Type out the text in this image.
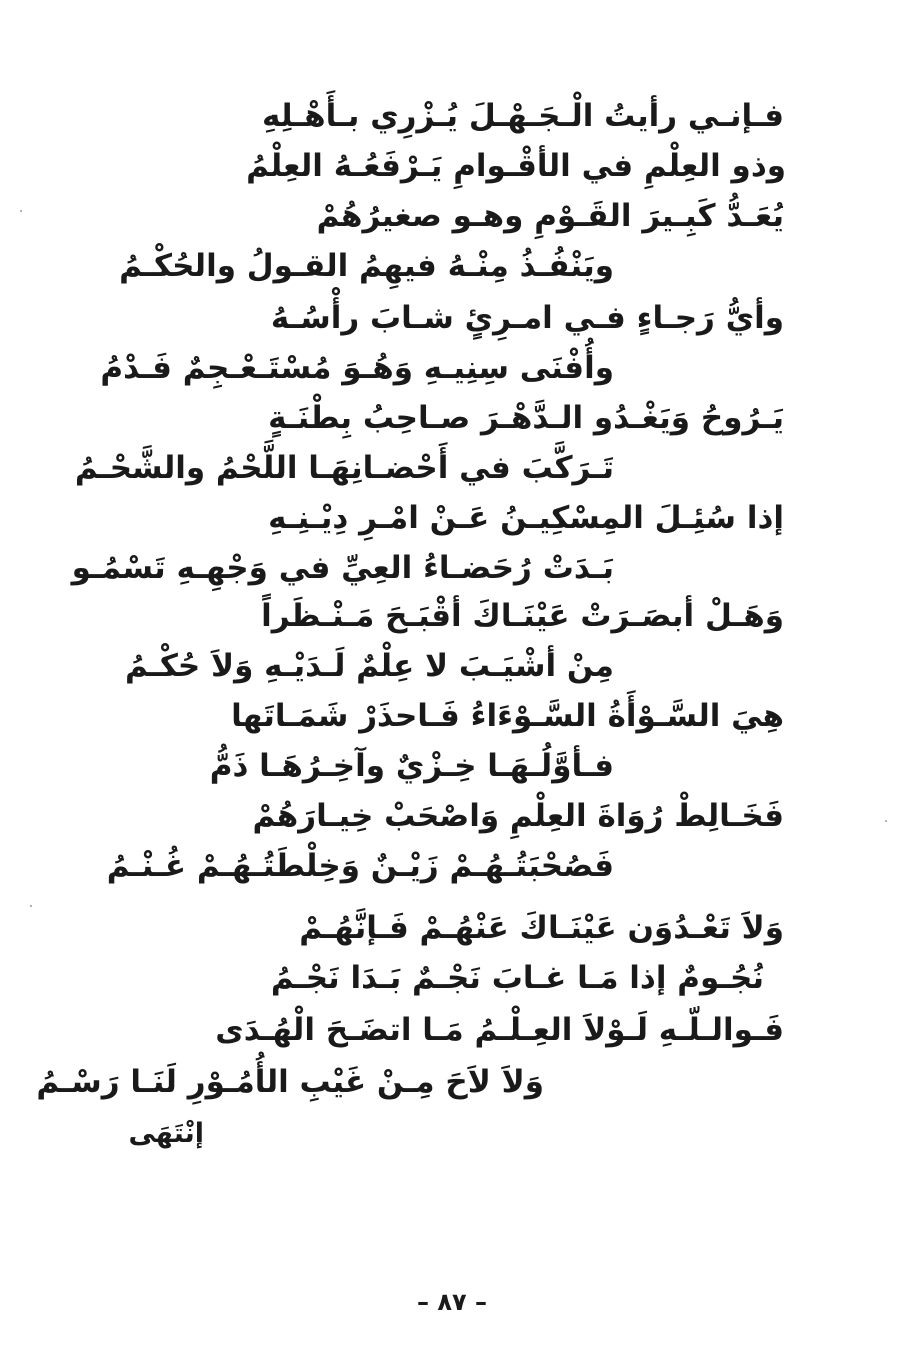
فـإنـي رأيتُ الْـجَـهْـلَ يُـزْرِي بـأَهْـلِهِ
وذو العِلْمِ في الأقْـوامِ يَـرْفَعُـهُ العِلْمُ
يُعَـدُّ كَبِـيرَ القَـوْمِ وهـو صغيرُهُمْ
ويَنْفُـذُ مِنْـهُ فيهِمُ القـولُ والحُكْـمُ
وأيُّ رَجـاءٍ فـي امـرِئٍ شـابَ رأْسُـهُ
وأُفْنَى سِنِيـهِ وَهُـوَ مُسْتَـعْـجِمٌ فَـدْمُ
يَـرُوحُ وَيَغْـدُو الـدَّهْـرَ صـاحِبُ بِطْنَـةٍ
تَـرَكَّبَ في أَحْضـانِهَـا اللَّحْمُ والشَّحْـمُ
إذا سُئِـلَ المِسْكِيـنُ عَـنْ امْـرِ دِيْـنِـهِ
بَـدَتْ رُحَضـاءُ العِيِّ في وَجْهِـهِ تَسْمُـو
وَهَـلْ أبصَـرَتْ عَيْنَـاكَ أقْبَـحَ مَـنْـظَراً
مِنْ أشْيَـبَ لا عِلْمٌ لَـدَيْـهِ وَلاَ حُكْـمُ
هِيَ السَّـوْأَةُ السَّـوْءَاءُ فَـاحذَرْ شَمَـاتَها
فـأوَّلُـهَـا خِـزْيٌ وآخِـرُهَـا ذَمُّ
فَخَـالِطْ رُوَاةَ العِلْمِ وَاصْحَبْ خِيـارَهُمْ
فَصُحْبَتُـهُـمْ زَيْـنٌ وَخِلْطَتُـهُـمْ غُـنْـمُ
وَلاَ تَعْـدُوَن عَيْنَـاكَ عَنْهُـمْ فَـإنَّهُـمْ
نُجُـومٌ إذا مَـا غـابَ نَجْـمٌ بَـدَا نَجْـمُ
فَـوالـلّـهِ لَـوْلاَ العِـلْـمُ مَـا اتضَـحَ الْهُـدَى
وَلاَ لاَحَ مِـنْ غَيْبِ الأُمُـوْرِ لَنَـا رَسْـمُ
إنْتَهَى
– ٨٧ –
